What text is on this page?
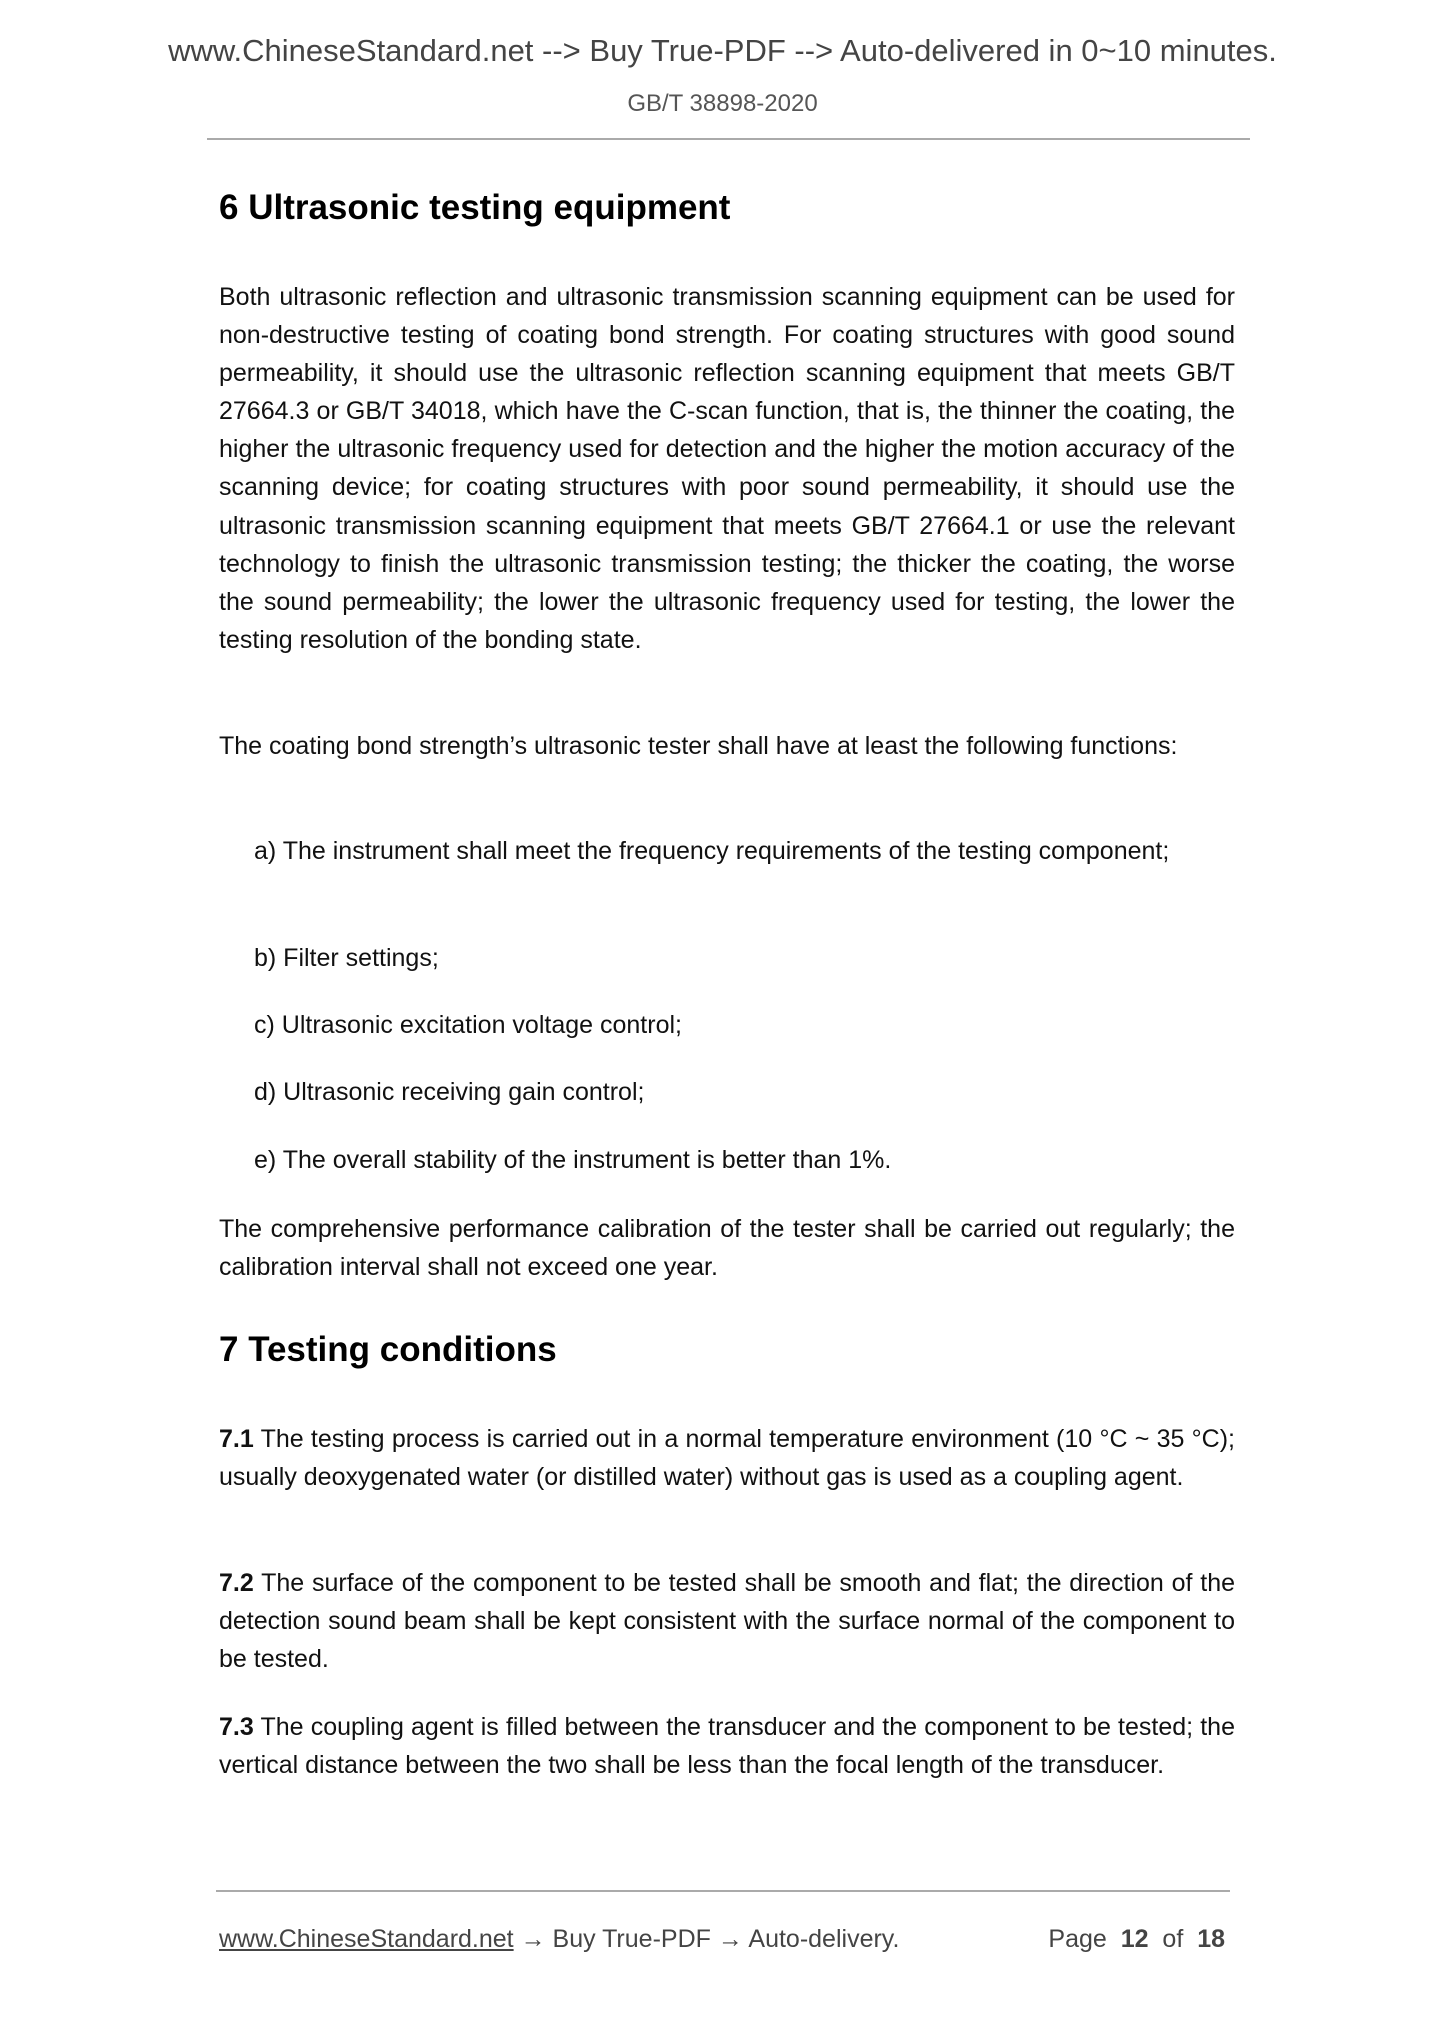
www.ChineseStandard.net --> Buy True-PDF --> Auto-delivered in 0~10 minutes.
GB/T 38898-2020
6 Ultrasonic testing equipment

Both ultrasonic reflection and ultrasonic transmission scanning equipment can be used for non-destructive testing of coating bond strength. For coating structures with good sound permeability, it should use the ultrasonic reflection scanning equipment that meets GB/T 27664.3 or GB/T 34018, which have the C-scan function, that is, the thinner the coating, the higher the ultrasonic frequency used for detection and the higher the motion accuracy of the scanning device; for coating structures with poor sound permeability, it should use the ultrasonic transmission scanning equipment that meets GB/T 27664.1 or use the relevant technology to finish the ultrasonic transmission testing; the thicker the coating, the worse the sound permeability; the lower the ultrasonic frequency used for testing, the lower the testing resolution of the bonding state.

The coating bond strength’s ultrasonic tester shall have at least the following functions:

a) The instrument shall meet the frequency requirements of the testing component;
b) Filter settings;
c) Ultrasonic excitation voltage control;
d) Ultrasonic receiving gain control;
e) The overall stability of the instrument is better than 1%.

The comprehensive performance calibration of the tester shall be carried out regularly; the calibration interval shall not exceed one year.

7 Testing conditions

7.1 The testing process is carried out in a normal temperature environment (10 °C ~ 35 °C); usually deoxygenated water (or distilled water) without gas is used as a coupling agent.

7.2 The surface of the component to be tested shall be smooth and flat; the direction of the detection sound beam shall be kept consistent with the surface normal of the component to be tested.

7.3 The coupling agent is filled between the transducer and the component to be tested; the vertical distance between the two shall be less than the focal length of the transducer.

www.ChineseStandard.net → Buy True-PDF → Auto-delivery.	Page 12 of 18
